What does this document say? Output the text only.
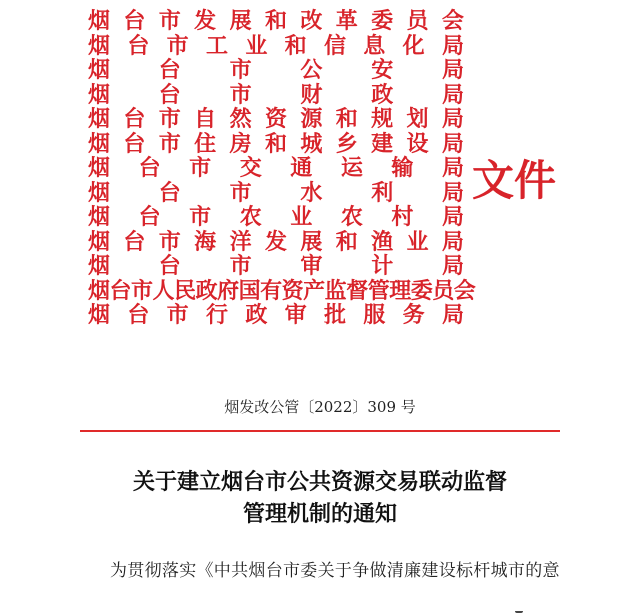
烟 台 市 发 展 和 改 革 委 员 会
烟 台 市 工 业 和 信 息 化 局
烟 台 市 公 安 局
烟 台 市 财 政 局
烟 台 市 自 然 资 源 和 规 划 局
烟 台 市 住 房 和 城 乡 建 设 局
烟 台 市 交 通 运 输 局
烟 台 市 水 利 局
烟 台 市 农 业 农 村 局
烟 台 市 海 洋 发 展 和 渔 业 局
烟 台 市 审 计 局
烟 台 市 人 民 政 府 国 有 资 产 监 督 管 理 委 员 会
烟 台 市 行 政 审 批 服 务 局
文件
烟发改公管〔2022〕309 号
关于建立烟台市公共资源交易联动监督
管理机制的通知
为贯彻落实《中共烟台市委关于争做清廉建设标杆城市的意
